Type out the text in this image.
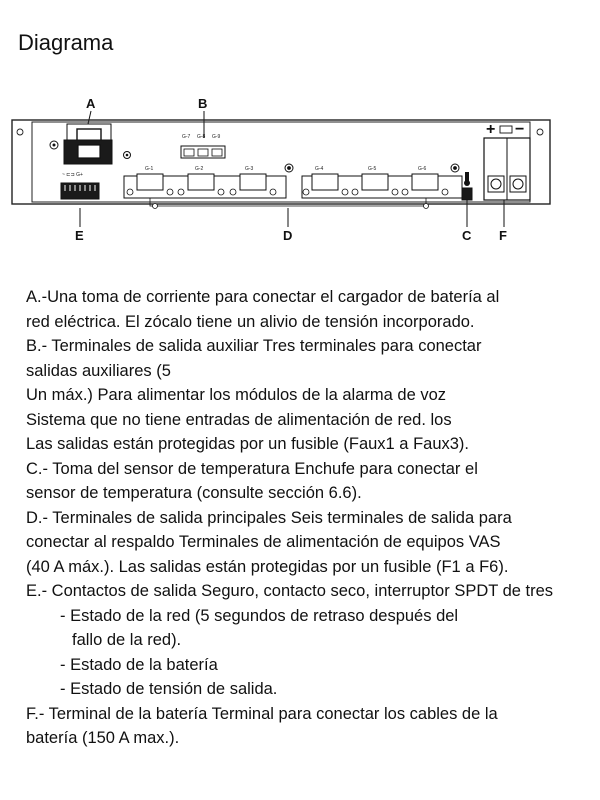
Diagrama
A	B
E	D	C F
G-7 G-8 G-9
~ ⊏⊐ G+
G-1	G-2	G-3	G-4	G-5	G-6
+ −

A.-Una toma de corriente para conectar el cargador de batería al

red eléctrica. El zócalo tiene un alivio de tensión incorporado.

B.- Terminales de salida auxiliar Tres terminales para conectar

salidas auxiliares (5

Un máx.) Para alimentar los módulos de la alarma de voz

Sistema que no tiene entradas de alimentación de red. los

Las salidas están protegidas por un fusible (Faux1 a Faux3).

C.- Toma del sensor de temperatura Enchufe para conectar el

sensor de temperatura (consulte sección 6.6).

D.- Terminales de salida principales Seis terminales de salida para

conectar al respaldo Terminales de alimentación de equipos VAS

(40 A máx.). Las salidas están protegidas por un fusible (F1 a F6).

E.- Contactos de salida Seguro, contacto seco, interruptor SPDT de tres

- Estado de la red (5 segundos de retraso después del

fallo de la red).

- Estado de la batería

- Estado de tensión de salida.

F.- Terminal de la batería Terminal para conectar los cables de la

batería (150 A max.).
